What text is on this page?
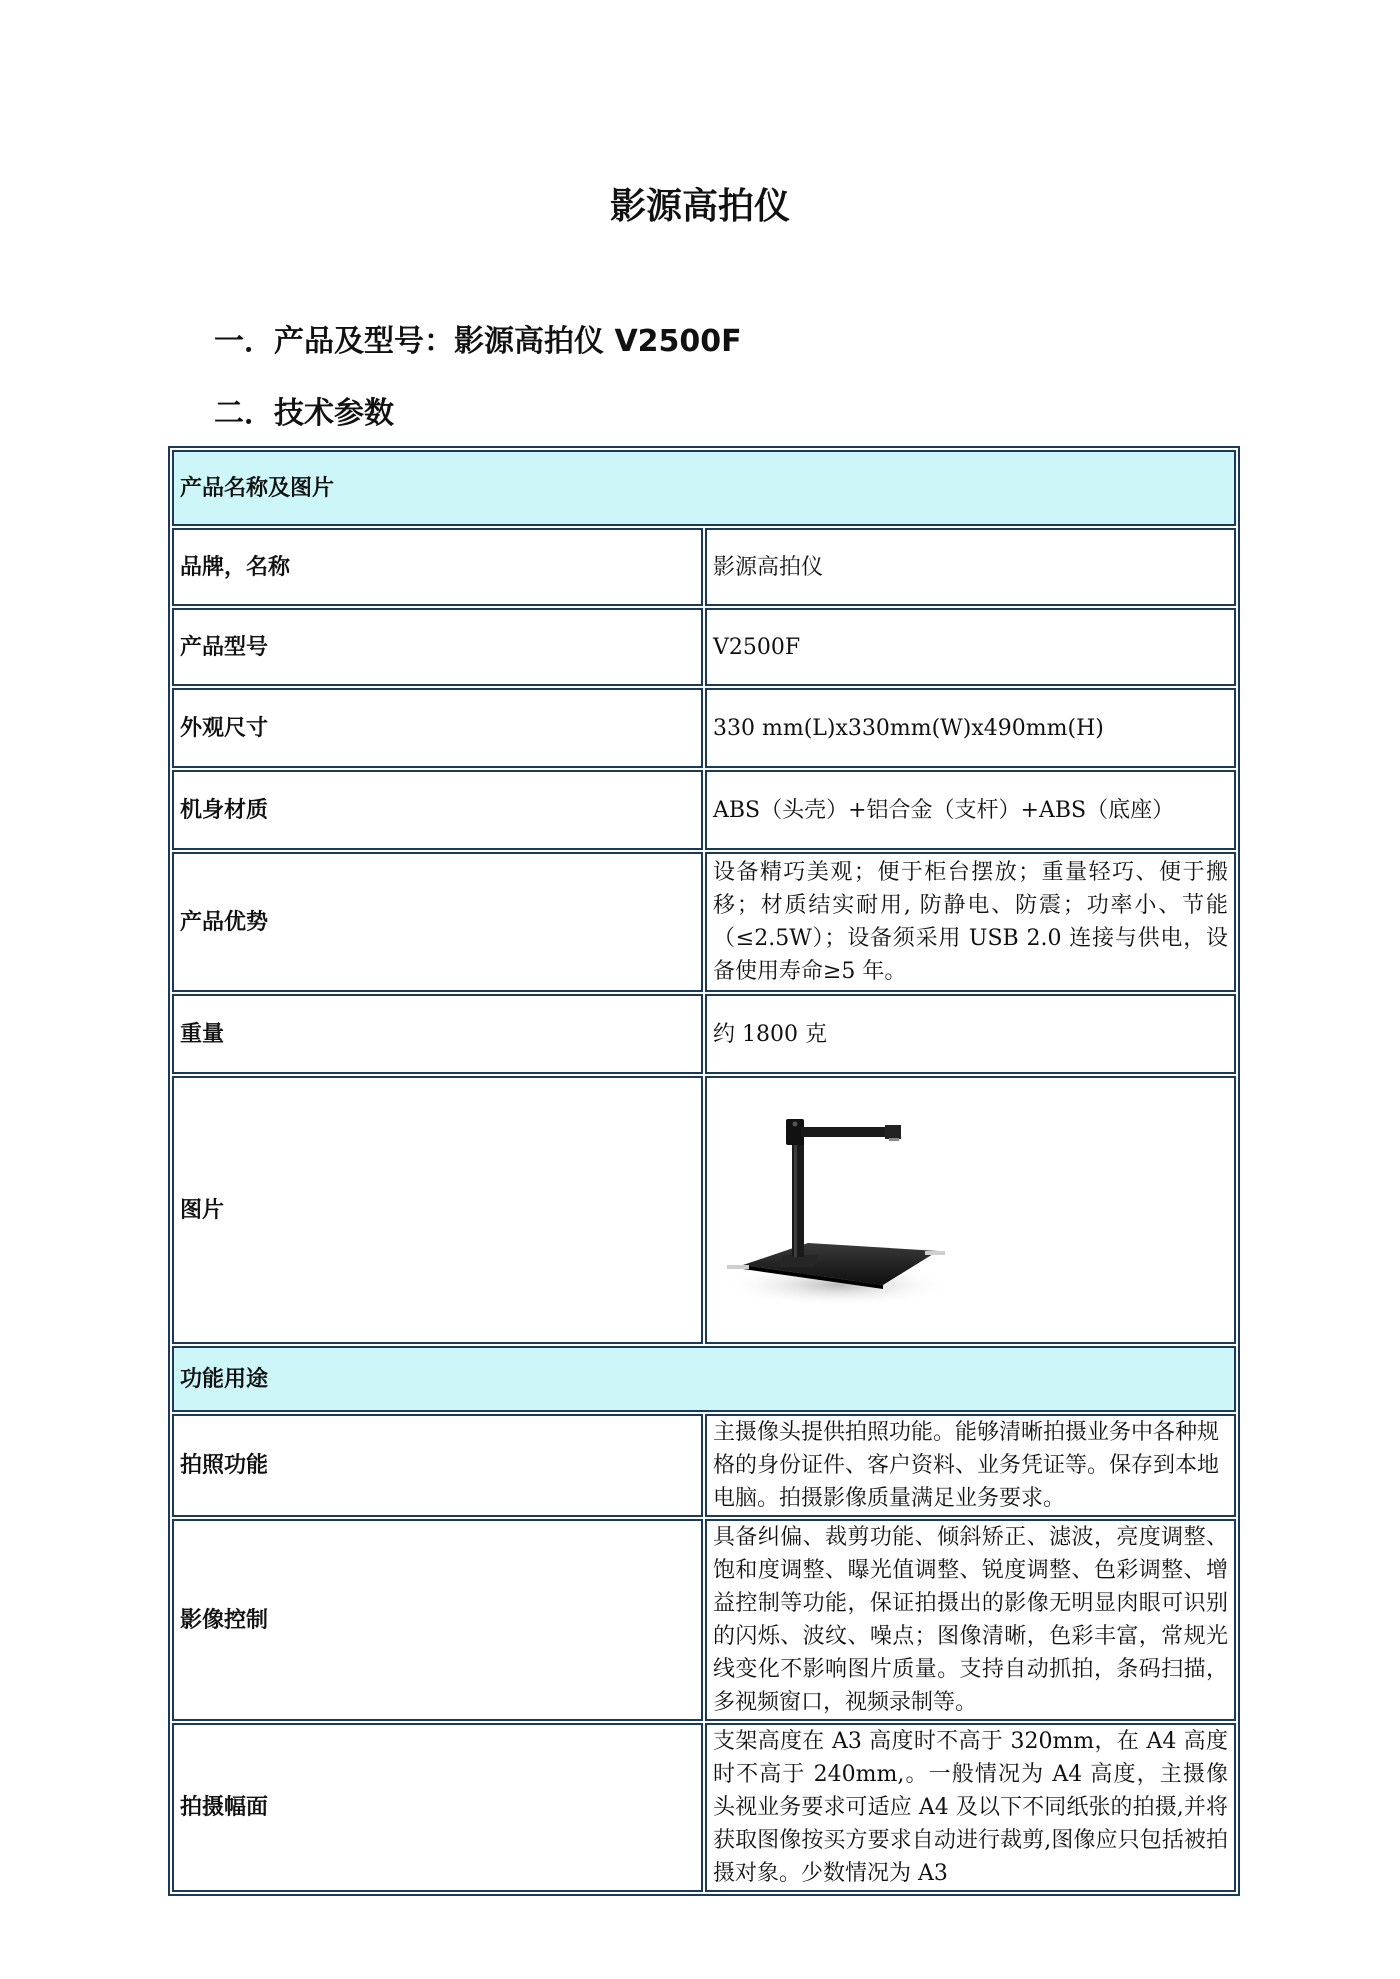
影源高拍仪
一．产品及型号：影源高拍仪 V2500F
二．技术参数
产品名称及图片	
品牌，名称	影源高拍仪
产品型号	V2500F
外观尺寸	330 mm(L)x330mm(W)x490mm(H)
机身材质	ABS（头壳）+铝合金（支杆）+ABS（底座）
产品优势	设备精巧美观；便于柜台摆放；重量轻巧、便于搬移；材质结实耐用, 防静电、防震；功率小、节能（≤2.5W）；设备须采用 USB 2.0 连接与供电，设备使用寿命≥5 年。
重量	约 1800 克
图片	

功能用途	
拍照功能	主摄像头提供拍照功能。能够清晰拍摄业务中各种规格的身份证件、客户资料、业务凭证等。保存到本地电脑。拍摄影像质量满足业务要求。
影像控制	具备纠偏、裁剪功能、倾斜矫正、滤波，亮度调整、饱和度调整、曝光值调整、锐度调整、色彩调整、增益控制等功能，保证拍摄出的影像无明显肉眼可识别的闪烁、波纹、噪点；图像清晰，色彩丰富，常规光线变化不影响图片质量。支持自动抓拍，条码扫描，多视频窗口，视频录制等。
拍摄幅面	支架高度在 A3 高度时不高于 320mm，在 A4 高度时不高于 240mm,。一般情况为 A4 高度，主摄像头视业务要求可适应 A4 及以下不同纸张的拍摄,并将获取图像按买方要求自动进行裁剪,图像应只包括被拍摄对象。少数情况为 A3
